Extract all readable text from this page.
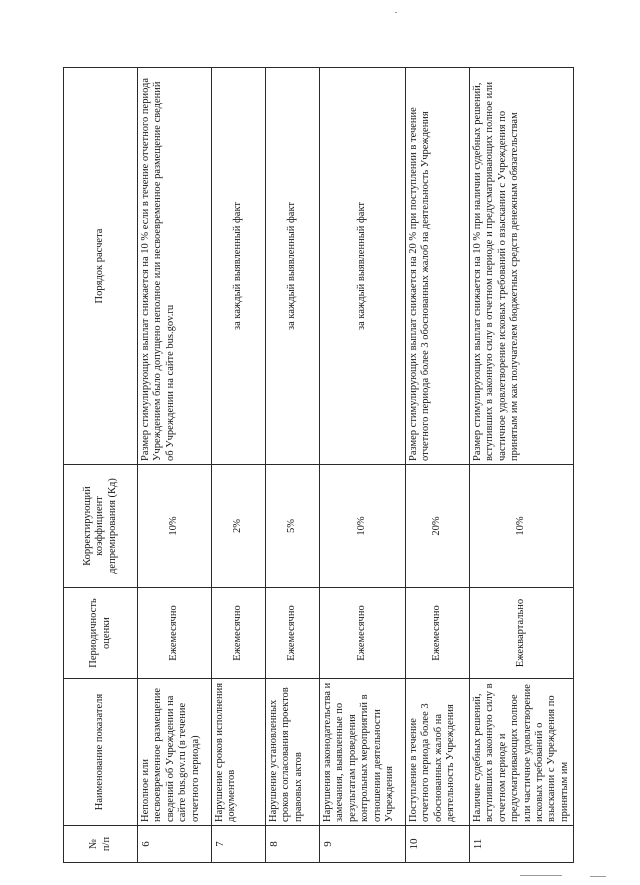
№
п/п	Наименование показателя	Периодичность оценки	Корректирующий коэффициент депремирования (Кд)	Порядок расчета
6	Неполное или несвоевременное размещение сведений об Учреждении на сайте bus.gov.ru (в течение отчетного периода)	Ежемесячно	10%	Размер стимулирующих выплат снижается на 10 % если в течение отчетного периода Учреждением было допущено неполное или несвоевременное размещение сведений об Учреждении на сайте bus.gov.ru
7	Нарушение сроков исполнения документов	Ежемесячно	2%	за каждый выявленный факт
8	Нарушение установленных сроков согласования проектов правовых актов	Ежемесячно	5%	за каждый выявленный факт
9	Нарушения законодательства и замечания, выявленные по результатам проведения контрольных мероприятий в отношении деятельности Учреждения	Ежемесячно	10%	за каждый выявленный факт
10	Поступление в течение отчетного периода более 3 обоснованных жалоб на деятельность Учреждения	Ежемесячно	20%	Размер стимулирующих выплат снижается на 20 % при поступлении в течение отчетного периода более 3 обоснованных жалоб на деятельность Учреждения
11	Наличие судебных решений, вступивших в законную силу в отчетном периоде и предусматривающих полное или частичное удовлетворение исковых требований о взыскании с Учреждения по принятым им	Ежеквартально	10%	Размер стимулирующих выплат снижается на 10 % при наличии судебных решений, вступивших в законную силу в отчетном периоде и предусматривающих полное или частичное удовлетворение исковых требований о взыскании с Учреждения по принятым им как получателем бюджетных средств денежным обязательствам
